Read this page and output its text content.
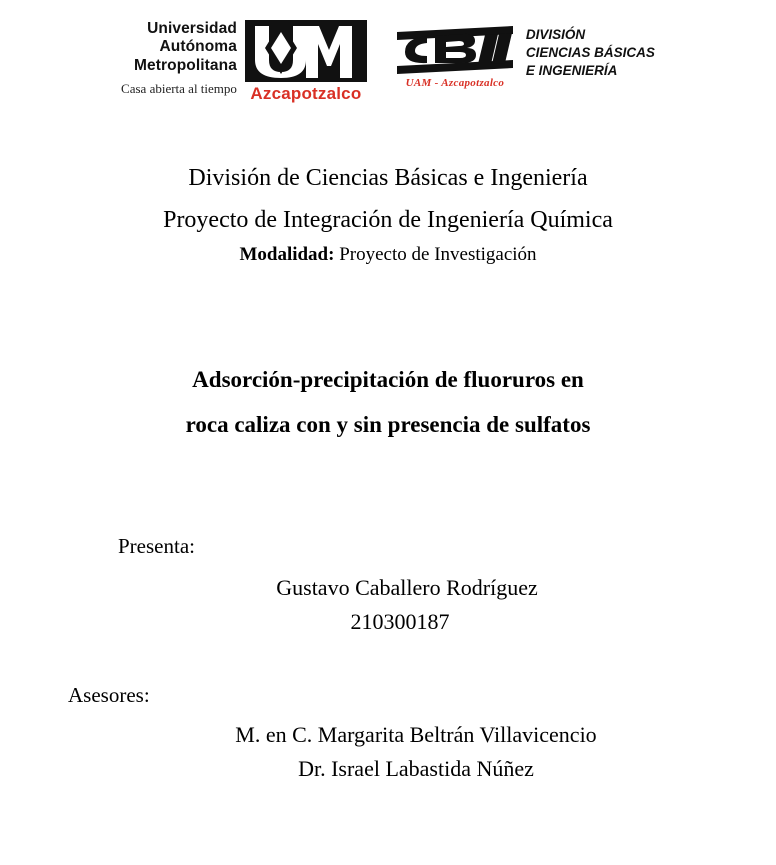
Universidad
Autónoma
Metropolitana
Casa abierta al tiempo Azcapotzalco
UAM - Azcapotzalco
DIVISIÓN
CIENCIAS BÁSICAS
E INGENIERÍA
División de Ciencias Básicas e Ingeniería
Proyecto de Integración de Ingeniería Química
Modalidad: Proyecto de Investigación
Adsorción-precipitación de fluoruros en
roca caliza con y sin presencia de sulfatos
Presenta:
Gustavo Caballero Rodríguez
210300187
Asesores:
M. en C. Margarita Beltrán Villavicencio
Dr. Israel Labastida Núñez
